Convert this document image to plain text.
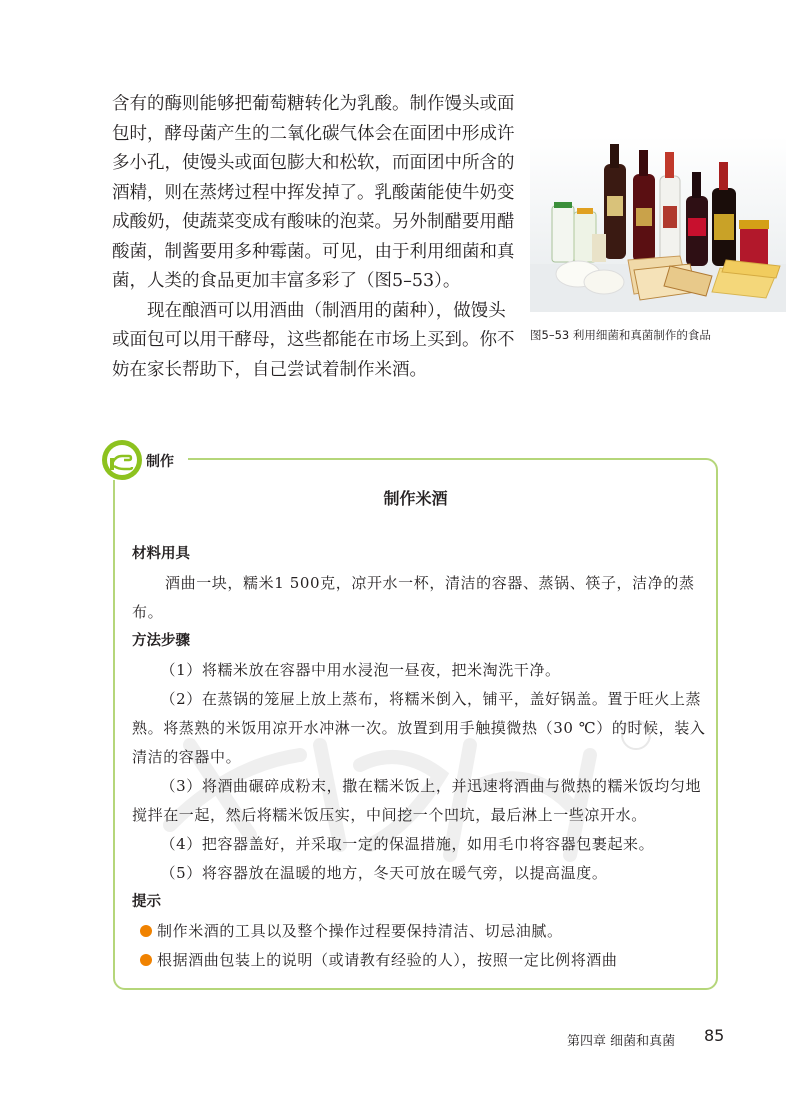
含有的酶则能够把葡萄糖转化为乳酸。制作馒头或面包时，酵母菌产生的二氧化碳气体会在面团中形成许多小孔，使馒头或面包膨大和松软，而面团中所含的酒精，则在蒸烤过程中挥发掉了。乳酸菌能使牛奶变成酸奶，使蔬菜变成有酸味的泡菜。另外制醋要用醋酸菌，制酱要用多种霉菌。可见，由于利用细菌和真菌，人类的食品更加丰富多彩了（图5–53）。

现在酿酒可以用酒曲（制酒用的菌种），做馒头或面包可以用干酵母，这些都能在市场上买到。你不妨在家长帮助下，自己尝试着制作米酒。

图5–53 利用细菌和真菌制作的食品
制作
制作米酒

材料用具

酒曲一块，糯米1 500克，凉开水一杯，清洁的容器、蒸锅、筷子，洁净的蒸布。

方法步骤

（1）将糯米放在容器中用水浸泡一昼夜，把米淘洗干净。

（2）在蒸锅的笼屉上放上蒸布，将糯米倒入，铺平，盖好锅盖。置于旺火上蒸熟。将蒸熟的米饭用凉开水冲淋一次。放置到用手触摸微热（30 ℃）的时候，装入清洁的容器中。

（3）将酒曲碾碎成粉末，撒在糯米饭上，并迅速将酒曲与微热的糯米饭均匀地搅拌在一起，然后将糯米饭压实，中间挖一个凹坑，最后淋上一些凉开水。

（4）把容器盖好，并采取一定的保温措施，如用毛巾将容器包裹起来。

（5）将容器放在温暖的地方，冬天可放在暖气旁，以提高温度。

提示

制作米酒的工具以及整个操作过程要保持清洁、切忌油腻。
根据酒曲包装上的说明（或请教有经验的人），按照一定比例将酒曲
第四章 细菌和真菌 85
